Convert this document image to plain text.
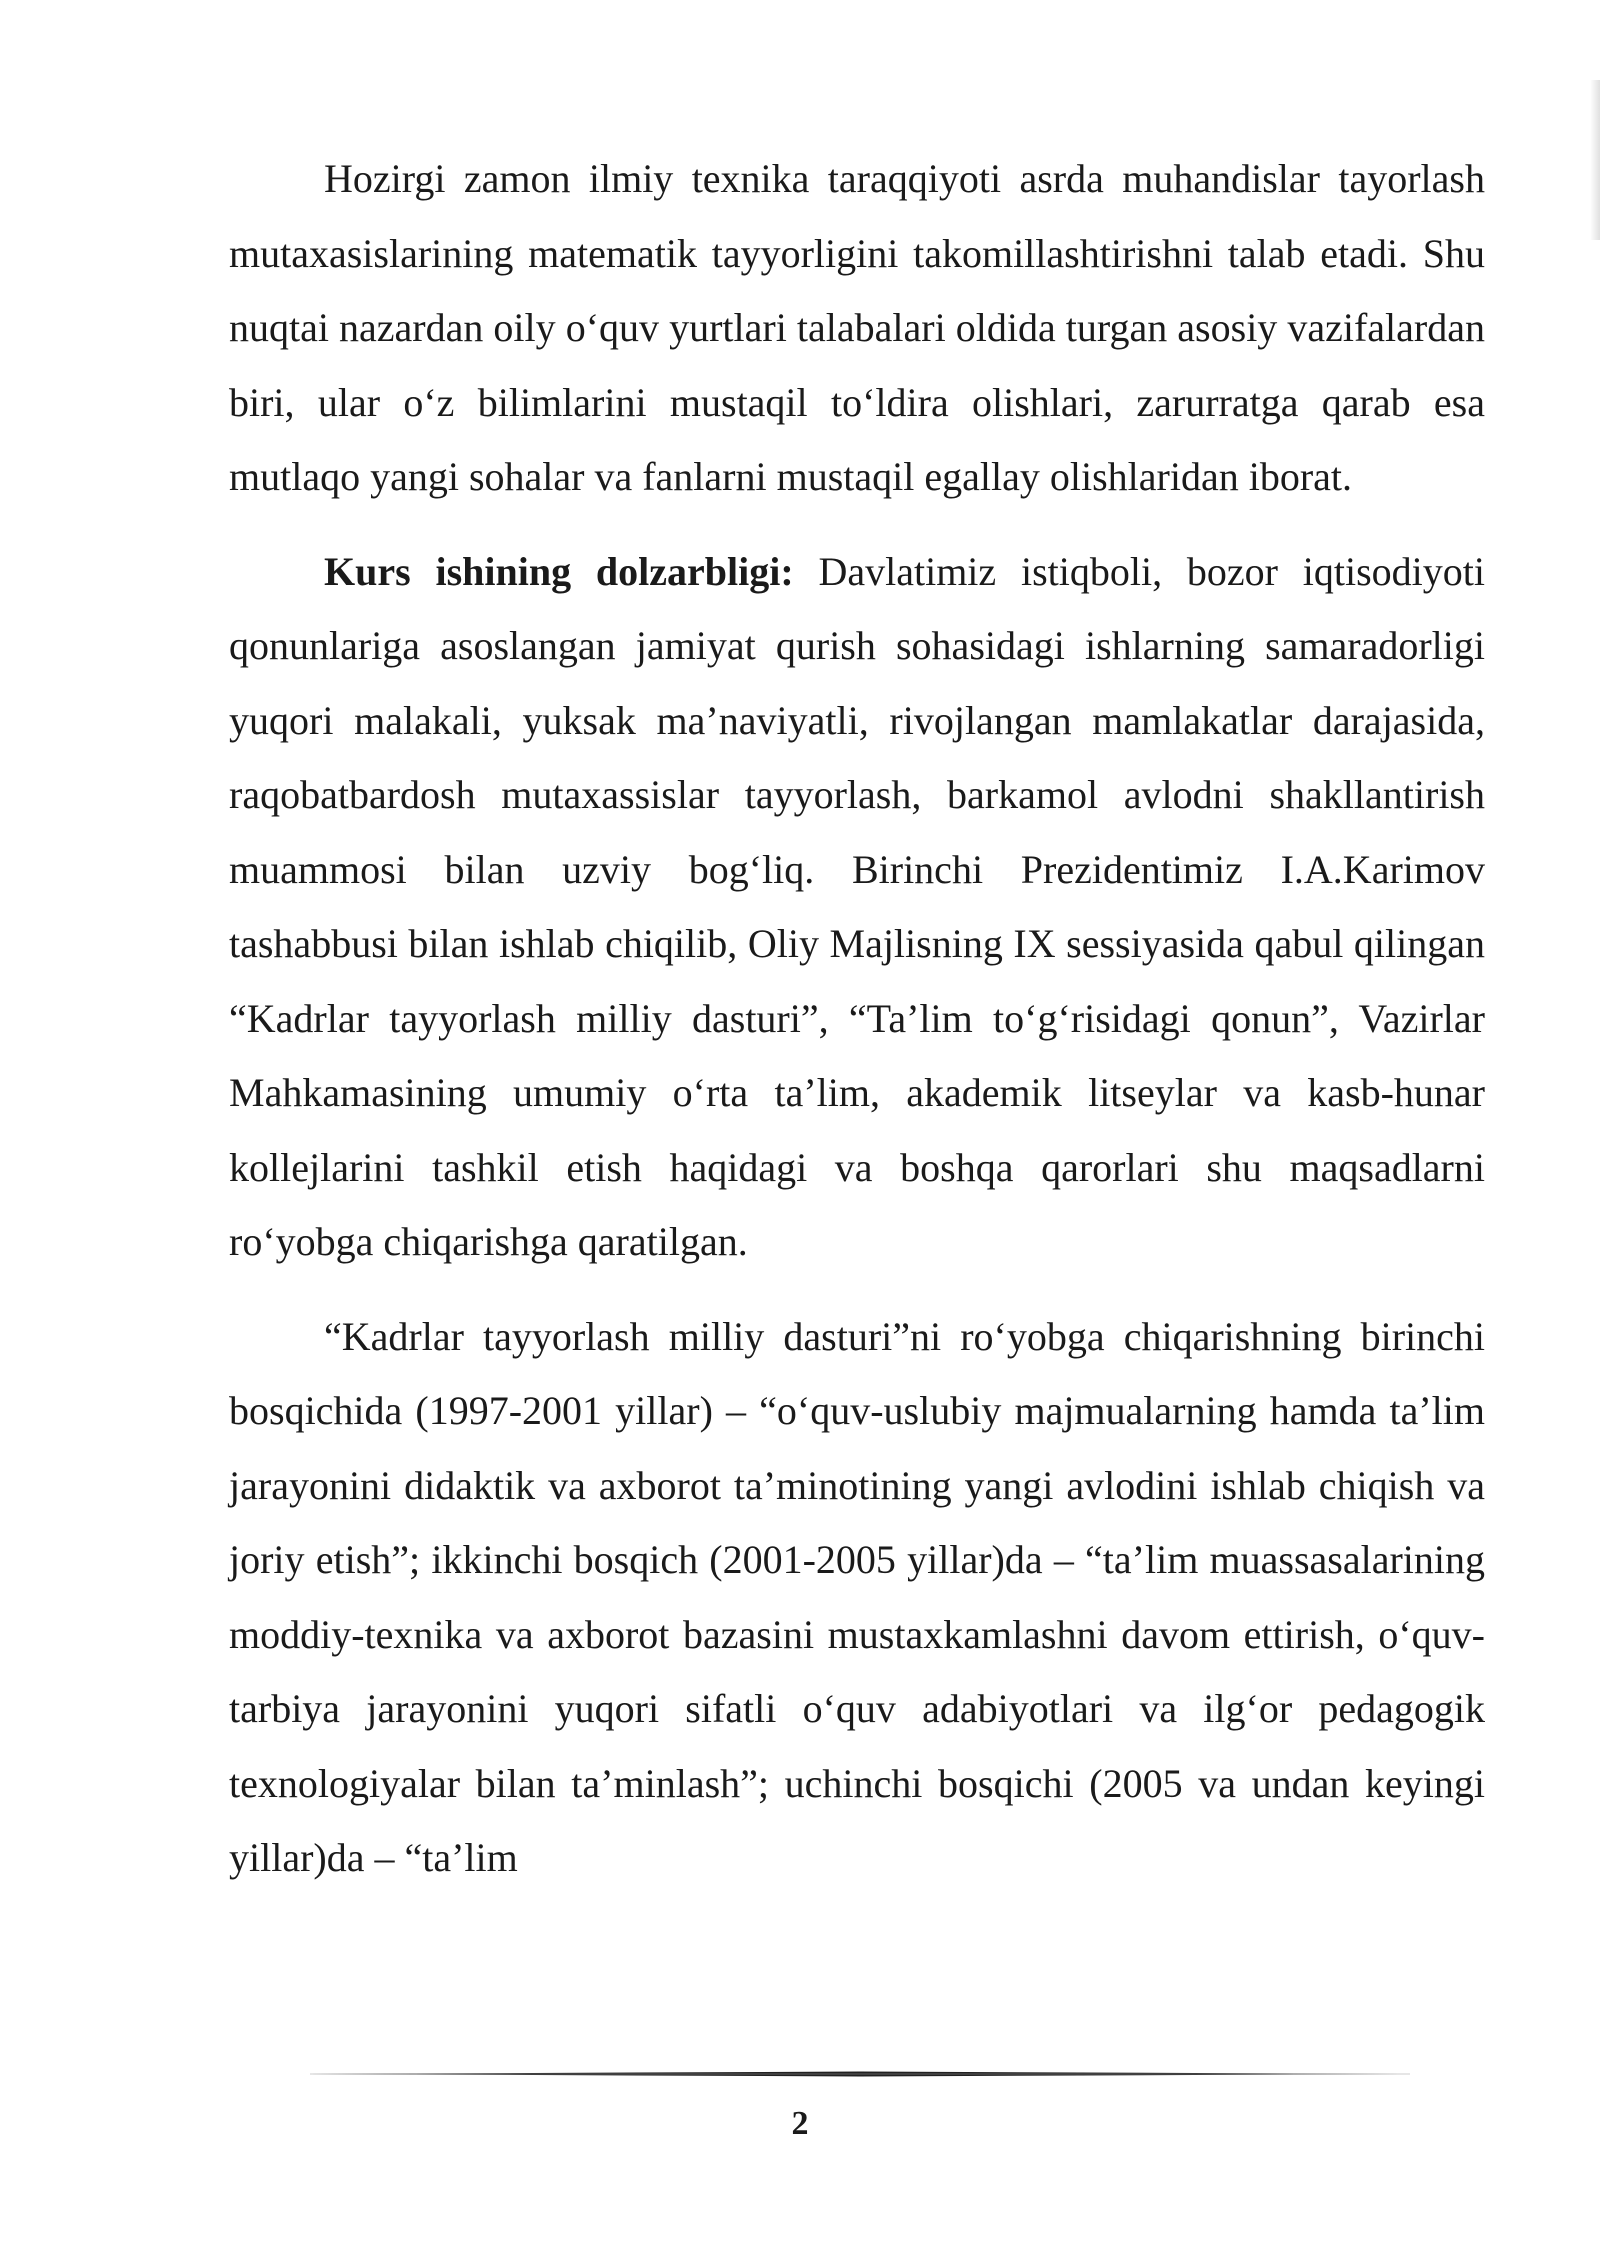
Hozirgi zamon ilmiy texnika taraqqiyoti asrda muhandislar tayorlash mutaxasislarining matematik tayyorligini takomillashtirishni talab etadi. Shu nuqtai nazardan oily o‘quv yurtlari talabalari oldida turgan asosiy vazifalardan biri, ular o‘z bilimlarini mustaqil to‘ldira olishlari, zarurratga qarab esa mutlaqo yangi sohalar va fanlarni mustaqil egallay olishlaridan iborat.

Kurs ishining dolzarbligi: Davlatimiz istiqboli, bozor iqtisodiyoti qonunlariga asoslangan jamiyat qurish sohasidagi ishlarning samaradorligi yuqori malakali, yuksak ma’naviyatli, rivojlangan mamlakatlar darajasida, raqobatbardosh mutaxassislar tayyorlash, barkamol avlodni shakllantirish muammosi bilan uzviy bog‘liq. Birinchi Prezidentimiz I.A.Karimov tashabbusi bilan ishlab chiqilib, Oliy Majlisning IX sessiyasida qabul qilingan “Kadrlar tayyorlash milliy dasturi”, “Ta’lim to‘g‘risidagi qonun”, Vazirlar Mahkamasining umumiy o‘rta ta’lim, akademik litseylar va kasb-hunar kollejlarini tashkil etish haqidagi va boshqa qarorlari shu maqsadlarni ro‘yobga chiqarishga qaratilgan.

“Kadrlar tayyorlash milliy dasturi”ni ro‘yobga chiqarishning birinchi bosqichida (1997-2001 yillar) – “o‘quv-uslubiy majmualarning hamda ta’lim jarayonini didaktik va axborot ta’minotining yangi avlodini ishlab chiqish va joriy etish”; ikkinchi bosqich (2001-2005 yillar)da – “ta’lim muassasalarining moddiy-texnika va axborot bazasini mustaxkamlashni davom ettirish, o‘quv-tarbiya jarayonini yuqori sifatli o‘quv adabiyotlari va ilg‘or pedagogik texnologiyalar bilan ta’minlash”; uchinchi bosqichi (2005 va undan keyingi yillar)da – “ta’lim

2
